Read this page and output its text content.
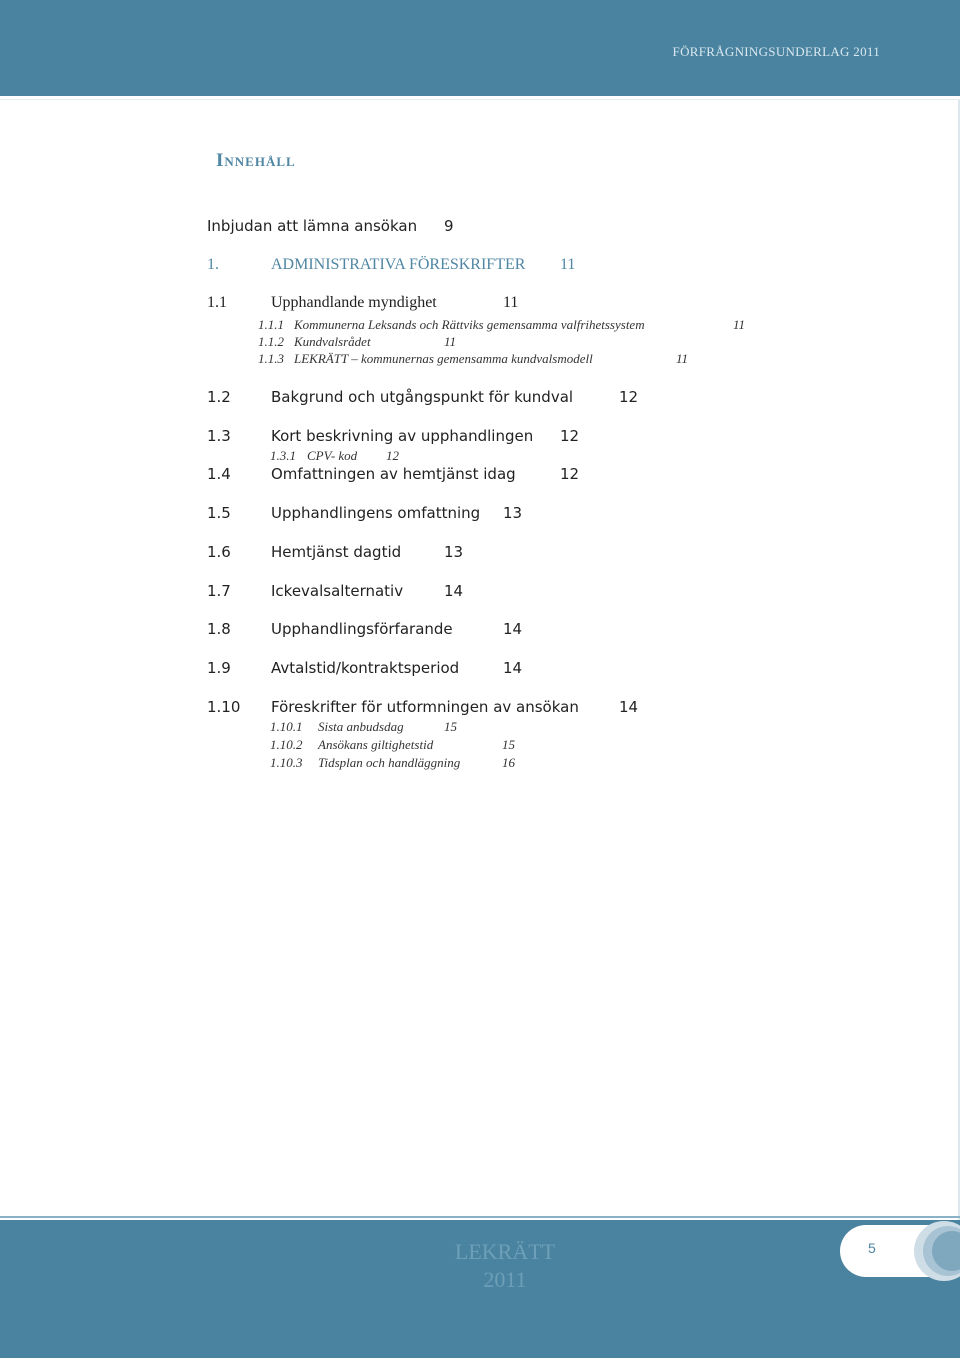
FÖRFRÅGNINGSUNDERLAG 2011
Innehåll
Inbjudan att lämna ansökan 9
1.	ADMINISTRATIVA FÖRESKRIFTER 11
1.1	Upphandlande myndighet	11
1.1.1 Kommunerna Leksands och Rättviks gemensamma valfrihetssystem	11
1.1.2 Kundvalsrådet	11
1.1.3 LEKRÄTT – kommunernas gemensamma kundvalsmodell	11
1.2	Bakgrund och utgångspunkt för kundval	12
1.3	Kort beskrivning av upphandlingen 12
1.3.1 CPV- kod 12
1.4	Omfattningen av hemtjänst idag	12
1.5	Upphandlingens omfattning 13
1.6	Hemtjänst dagtid	13
1.7	Ickevalsalternativ	14
1.8	Upphandlingsförfarande	14
1.9	Avtalstid/kontraktsperiod	14
1.10 Föreskrifter för utformningen av ansökan	14
1.10.1 Sista anbudsdag	15
1.10.2 Ansökans giltighetstid	15
1.10.3 Tidsplan och handläggning	16
LEKRÄTT
2011
5
